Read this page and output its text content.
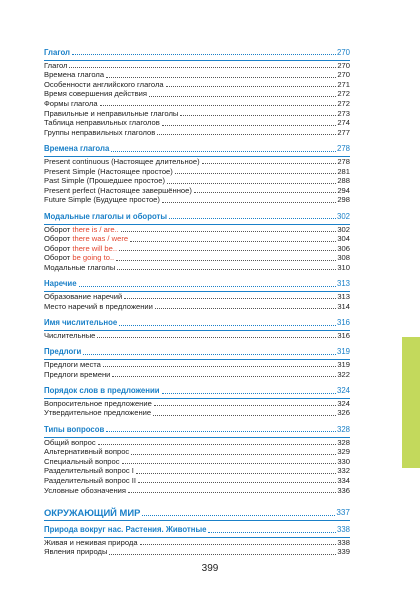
Глагол	270
Глагол	270
Времена глагола	270
Особенности английского глагола	271
Время совершения действия	272
Формы глагола	272
Правильные и неправильные глаголы	273
Таблица неправильных глаголов	274
Группы неправильных глаголов	277
Времена глагола	278
Present continuous (Настоящее длительное)	278
Present Simple (Настоящее простое)	281
Past Simple (Прошедшее простое)	288
Present perfect (Настоящее завершённое)	294
Future Simple (Будущее простое)	298
Модальные глаголы и обороты	302
Оборот there is / are..	302
Оборот there was / were	304
Оборот there will be..	306
Оборот be going to..	308
Модальные глаголы	310
Наречие	313
Образование наречий	313
Место наречий в предложении	314
Имя числительное	316
Числительные	316
Предлоги	319
Предлоги места	319
Предлоги времени	322
Порядок слов в предложении	324
Вопросительное предложение	324
Утвердительное предложение	326
Типы вопросов	328
Общий вопрос	328
Альтернативный вопрос	329
Специальный вопрос	330
Разделительный вопрос I	332
Разделительный вопрос II	334
Условные обозначения	336
ОКРУЖАЮЩИЙ МИР	337
Природа вокруг нас. Растения. Животные	338
Живая и неживая природа	338
Явления природы	339
399
